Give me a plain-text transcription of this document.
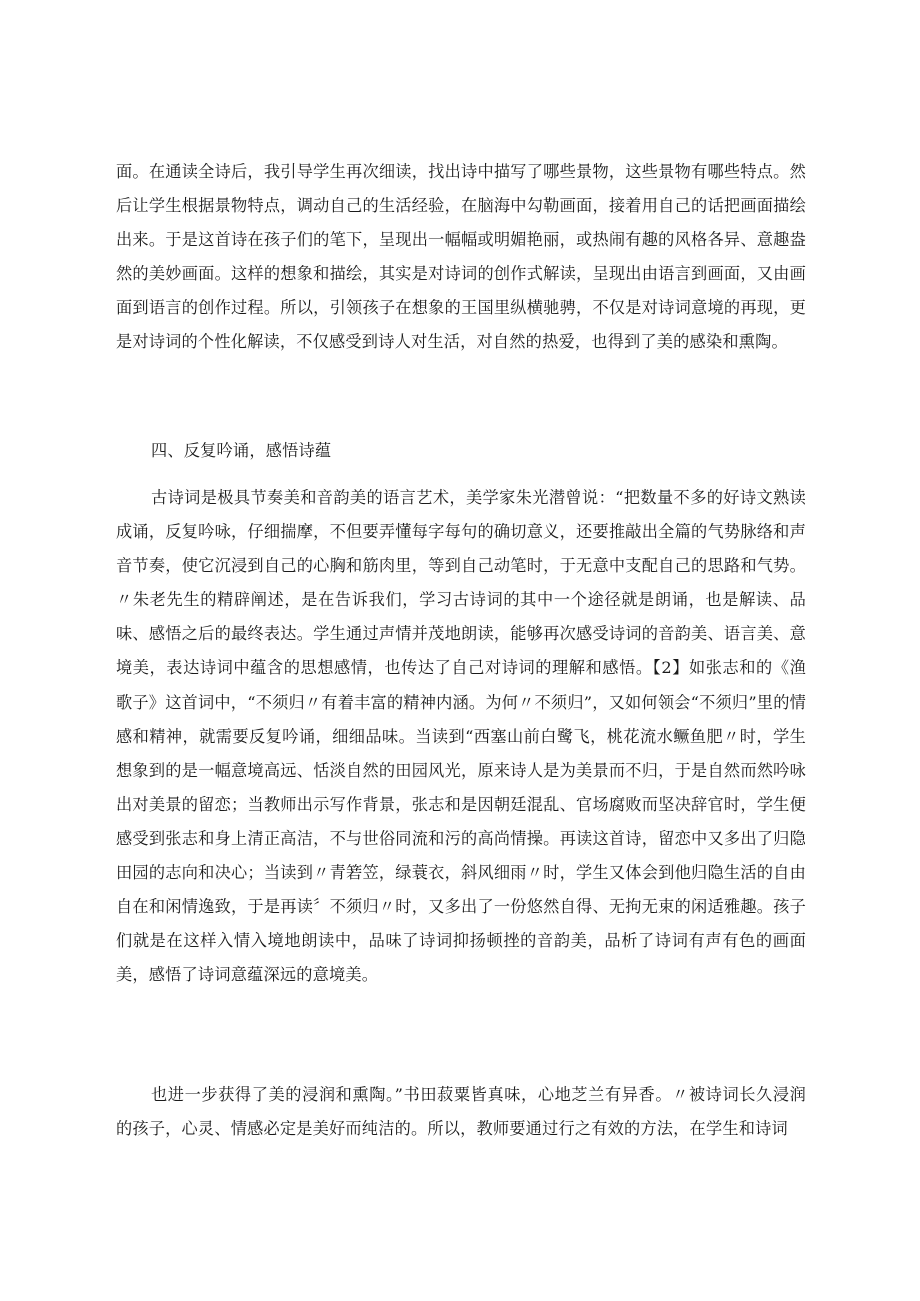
面。在通读全诗后，我引导学生再次细读，找出诗中描写了哪些景物，这些景物有哪些特点。然后让学生根据景物特点，调动自己的生活经验，在脑海中勾勒画面，接着用自己的话把画面描绘出来。于是这首诗在孩子们的笔下，呈现出一幅幅或明媚艳丽，或热闹有趣的风格各异、意趣盎然的美妙画面。这样的想象和描绘，其实是对诗词的创作式解读，呈现出由语言到画面，又由画面到语言的创作过程。所以，引领孩子在想象的王国里纵横驰骋，不仅是对诗词意境的再现，更是对诗词的个性化解读，不仅感受到诗人对生活，对自然的热爱，也得到了美的感染和熏陶。

四、反复吟诵，感悟诗蕴

古诗词是极具节奏美和音韵美的语言艺术，美学家朱光潜曾说：“把数量不多的好诗文熟读成诵，反复吟咏，仔细揣摩，不但要弄懂每字每句的确切意义，还要推敲出全篇的气势脉络和声音节奏，使它沉浸到自己的心胸和筋肉里，等到自己动笔时，于无意中支配自己的思路和气势。〃朱老先生的精辟阐述，是在告诉我们，学习古诗词的其中一个途径就是朗诵，也是解读、品味、感悟之后的最终表达。学生通过声情并茂地朗读，能够再次感受诗词的音韵美、语言美、意境美，表达诗词中蕴含的思想感情，也传达了自己对诗词的理解和感悟。【2】如张志和的《渔歌子》这首词中，“不须归〃有着丰富的精神内涵。为何〃不须归”，又如何领会“不须归”里的情感和精神，就需要反复吟诵，细细品味。当读到“西塞山前白鹭飞，桃花流水鳜鱼肥〃时，学生想象到的是一幅意境高远、恬淡自然的田园风光，原来诗人是为美景而不归，于是自然而然吟咏出对美景的留恋；当教师出示写作背景，张志和是因朝廷混乱、官场腐败而坚决辞官时，学生便感受到张志和身上清正高洁，不与世俗同流和污的高尚情操。再读这首诗，留恋中又多出了归隐田园的志向和决心；当读到〃青箬笠，绿蓑衣，斜风细雨〃时，学生又体会到他归隐生活的自由自在和闲情逸致，于是再读〞不须归〃时，又多出了一份悠然自得、无拘无束的闲适雅趣。孩子们就是在这样入情入境地朗读中，品味了诗词抑扬顿挫的音韵美，品析了诗词有声有色的画面美，感悟了诗词意蕴深远的意境美。

也进一步获得了美的浸润和熏陶。”书田菽粟皆真味，心地芝兰有异香。〃被诗词长久浸润的孩子，心灵、情感必定是美好而纯洁的。所以，教师要通过行之有效的方法，在学生和诗词
